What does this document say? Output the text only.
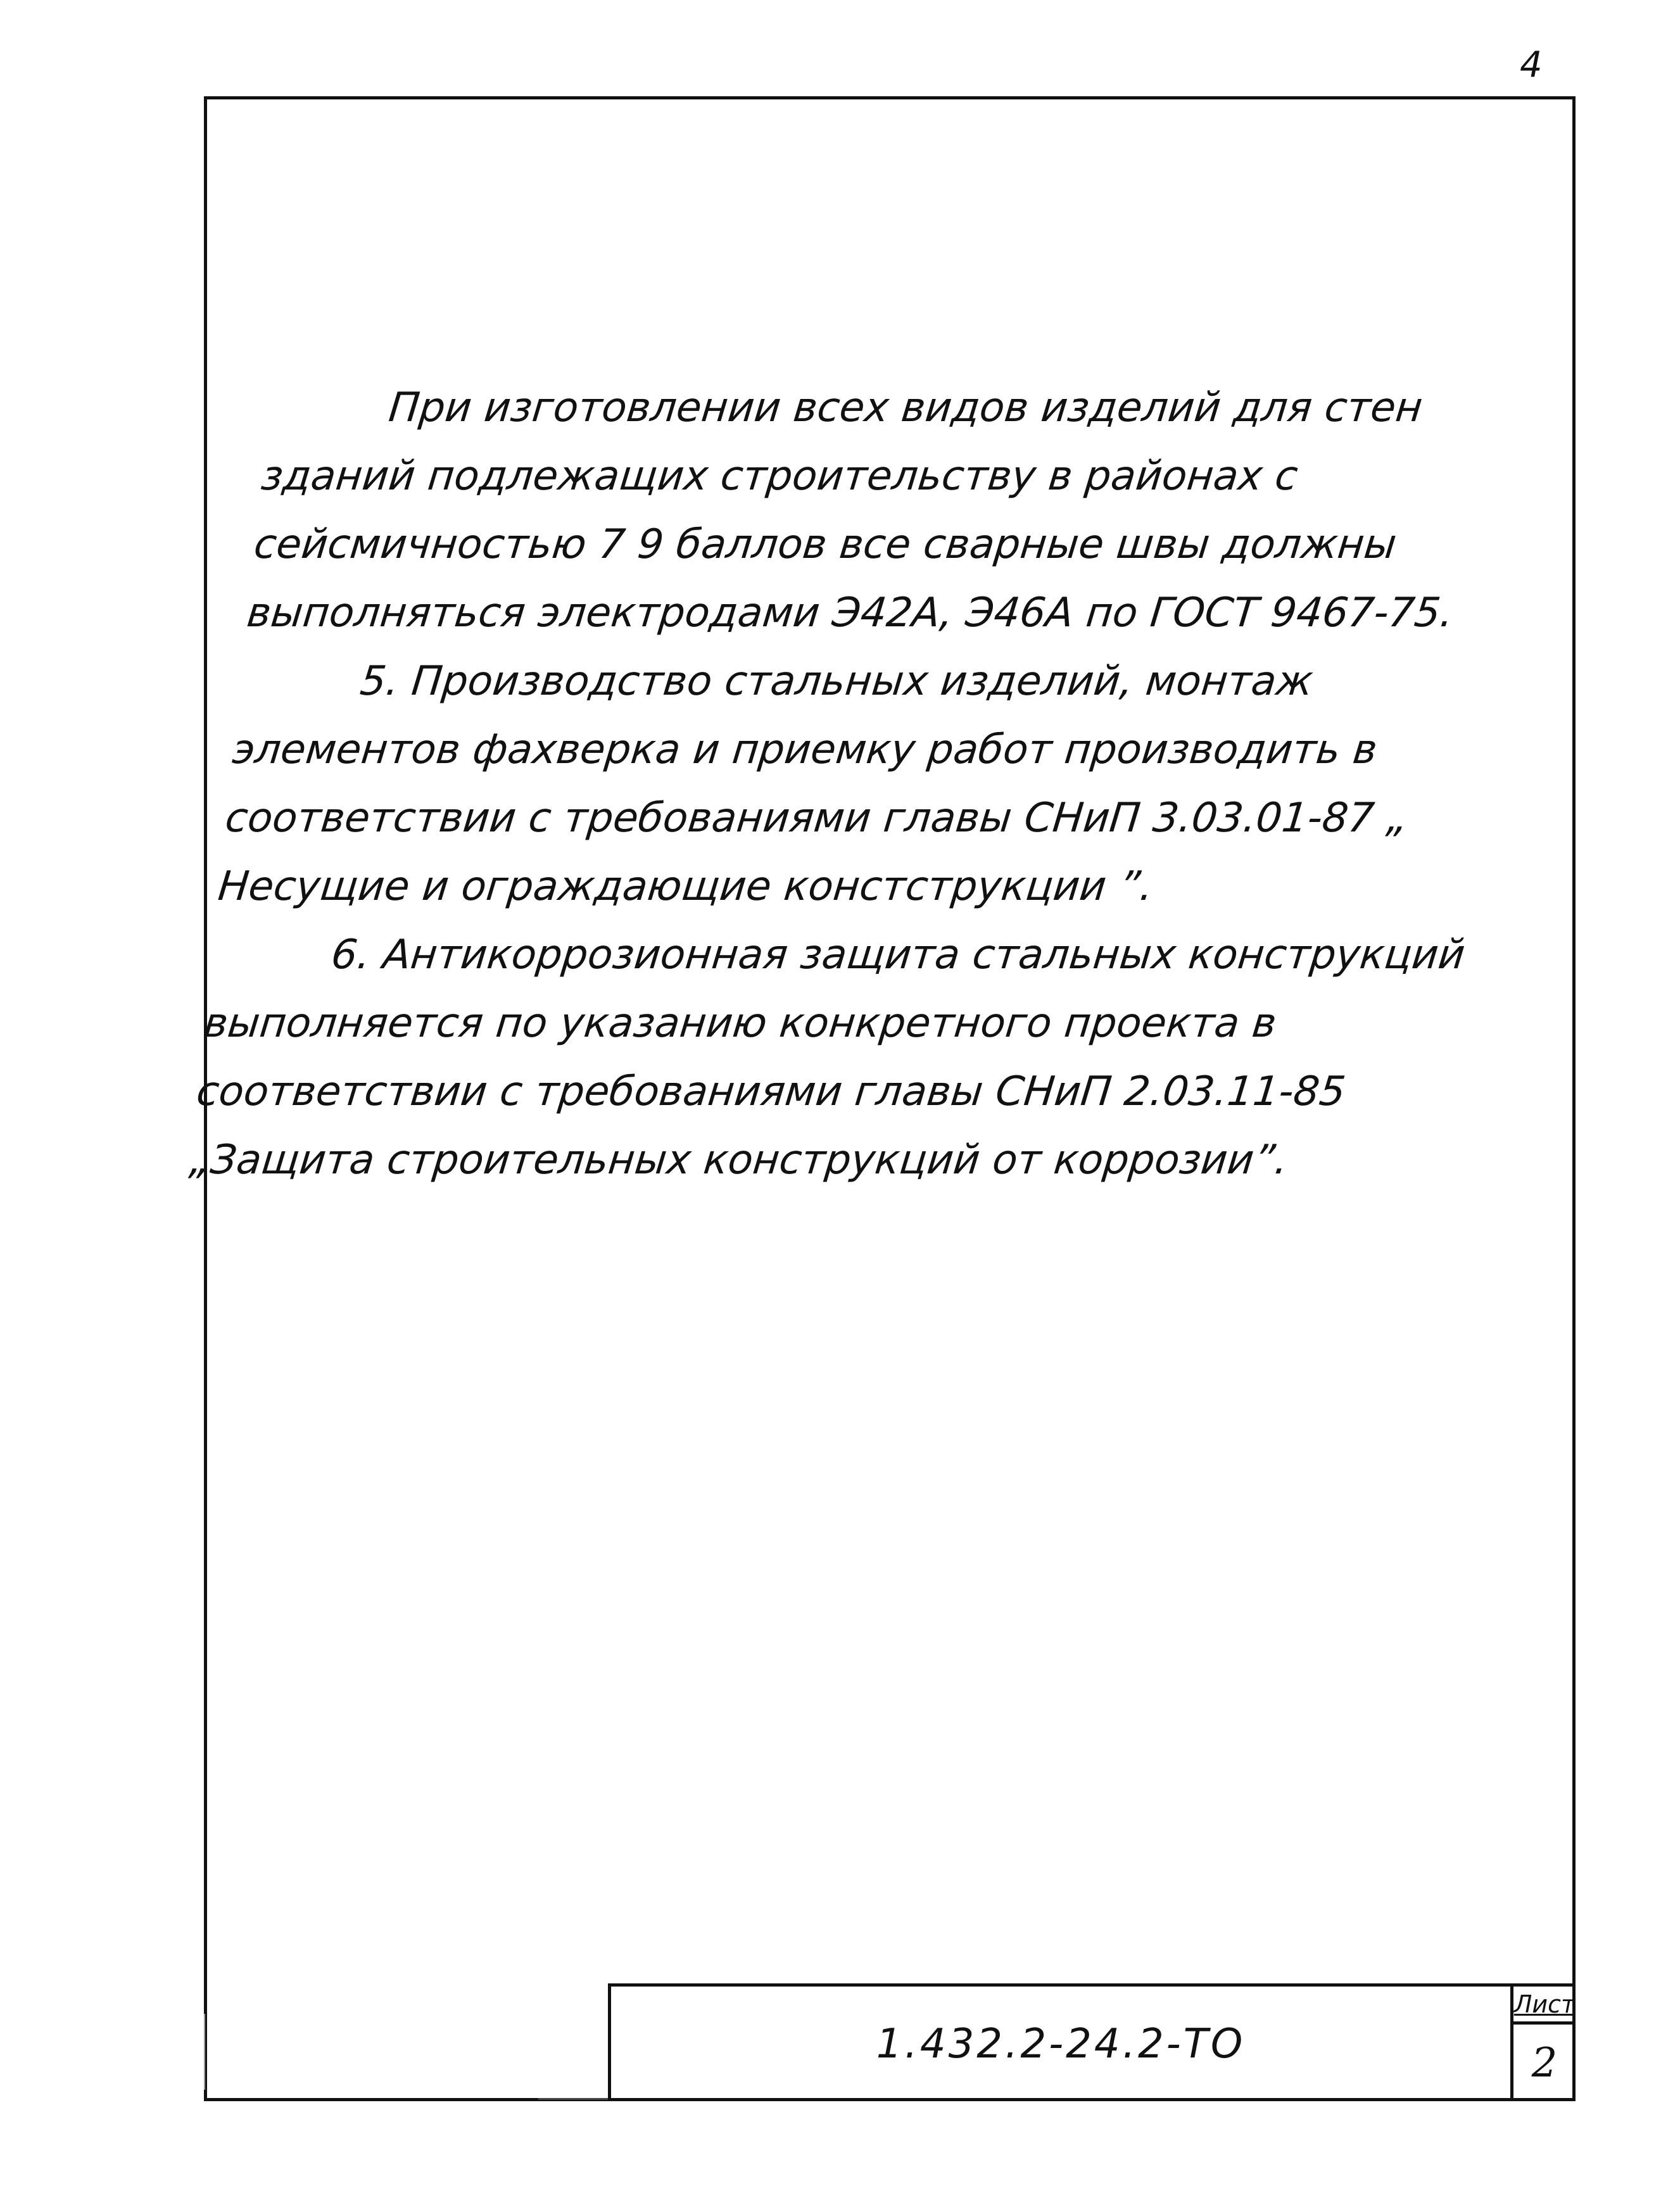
4

При изготовлении всех видов изделий для стен зданий подлежащих строительству в районах с сейсмичностью 7 9 баллов все сварные швы должны выполняться электродами Э42А, Э46А по ГОСТ 9467-75.

5. Производство стальных изделий, монтаж элементов фахверка и приемку работ производить в соответствии с требованиями главы СНиП 3.03.01-87 „ Несущие и ограждающие констструкции ”.

6. Антикоррозионная защита стальных конструкций выполняется по указанию конкретного проекта в соответствии с требованиями главы СНиП 2.03.11-85 „Защита строительных конструкций от коррозии”.

1.432.2-24.2-ТО
Лист
2
